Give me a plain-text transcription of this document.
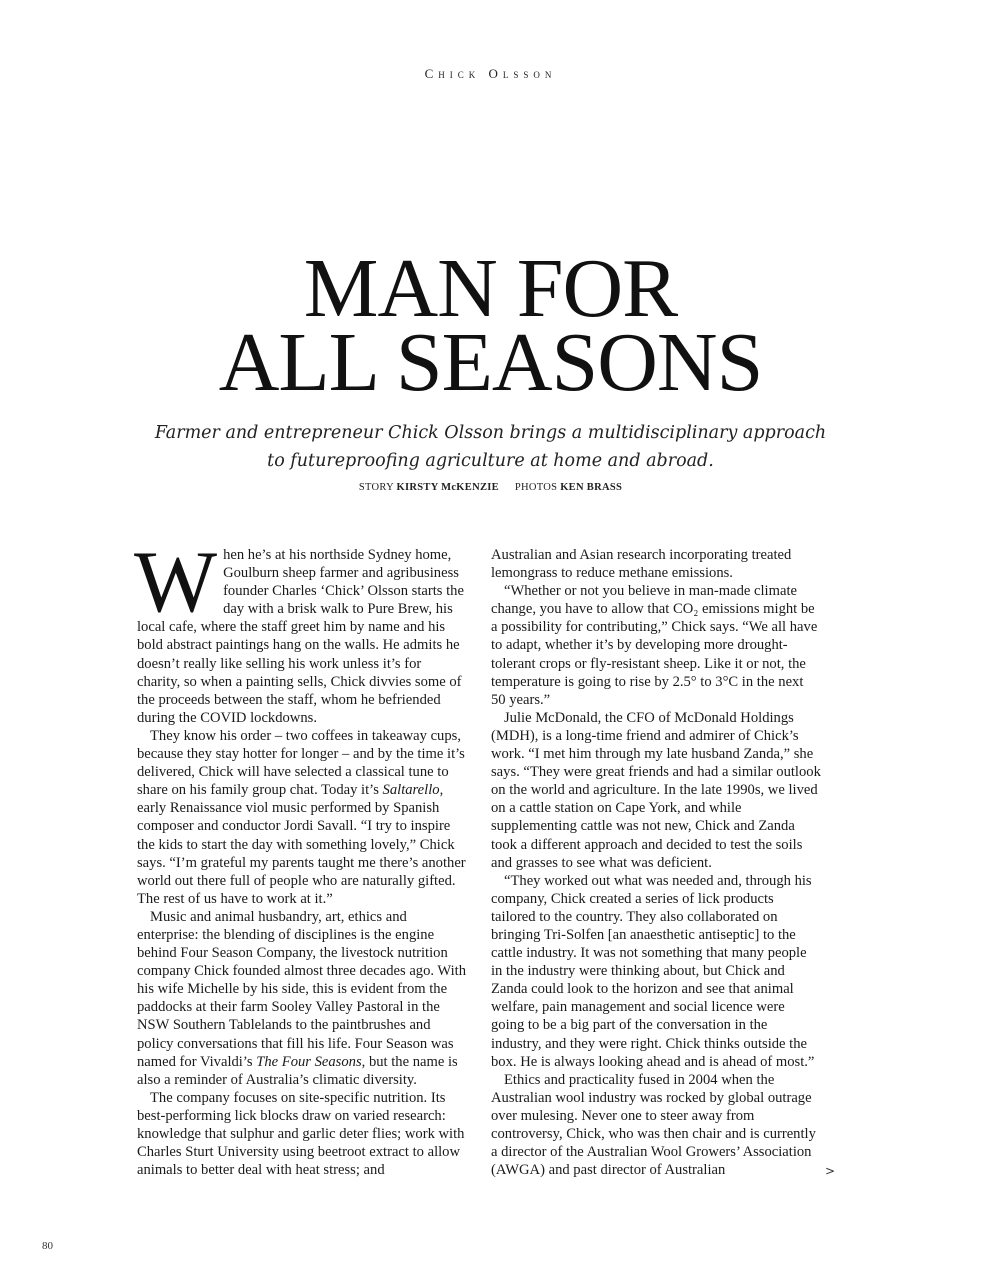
Chick Olsson
MAN FOR
ALL SEASONS

Farmer and entrepreneur Chick Olsson brings a multidisciplinary approach to futureproofing agriculture at home and abroad.

STORY KIRSTY McKENZIE PHOTOS KEN BRASS

When he’s at his northside Sydney home, Goulburn sheep farmer and agribusiness founder Charles ‘Chick’ Olsson starts the day with a brisk walk to Pure Brew, his local cafe, where the staff greet him by name and his bold abstract paintings hang on the walls. He admits he doesn’t really like selling his work unless it’s for charity, so when a painting sells, Chick divvies some of the proceeds between the staff, whom he befriended during the COVID lockdowns.

They know his order – two coffees in takeaway cups, because they stay hotter for longer – and by the time it’s delivered, Chick will have selected a classical tune to share on his family group chat. Today it’s Saltarello, early Renaissance viol music performed by Spanish composer and conductor Jordi Savall. “I try to inspire the kids to start the day with something lovely,” Chick says. “I’m grateful my parents taught me there’s another world out there full of people who are naturally gifted. The rest of us have to work at it.”

Music and animal husbandry, art, ethics and enterprise: the blending of disciplines is the engine behind Four Season Company, the livestock nutrition company Chick founded almost three decades ago. With his wife Michelle by his side, this is evident from the paddocks at their farm Sooley Valley Pastoral in the NSW Southern Tablelands to the paintbrushes and policy conversations that fill his life. Four Season was named for Vivaldi’s The Four Seasons, but the name is also a reminder of Australia’s climatic diversity.

The company focuses on site-specific nutrition. Its best-performing lick blocks draw on varied research: knowledge that sulphur and garlic deter flies; work with Charles Sturt University using beetroot extract to allow animals to better deal with heat stress; and

Australian and Asian research incorporating treated lemongrass to reduce methane emissions.

“Whether or not you believe in man-made climate change, you have to allow that CO₂ emissions might be a possibility for contributing,” Chick says. “We all have to adapt, whether it’s by developing more drought-tolerant crops or fly-resistant sheep. Like it or not, the temperature is going to rise by 2.5° to 3°C in the next 50 years.”

Julie McDonald, the CFO of McDonald Holdings (MDH), is a long-time friend and admirer of Chick’s work. “I met him through my late husband Zanda,” she says. “They were great friends and had a similar outlook on the world and agriculture. In the late 1990s, we lived on a cattle station on Cape York, and while supplementing cattle was not new, Chick and Zanda took a different approach and decided to test the soils and grasses to see what was deficient.

“They worked out what was needed and, through his company, Chick created a series of lick products tailored to the country. They also collaborated on bringing Tri-Solfen [an anaesthetic antiseptic] to the cattle industry. It was not something that many people in the industry were thinking about, but Chick and Zanda could look to the horizon and see that animal welfare, pain management and social licence were going to be a big part of the conversation in the industry, and they were right. Chick thinks outside the box. He is always looking ahead and is ahead of most.”

Ethics and practicality fused in 2004 when the Australian wool industry was rocked by global outrage over mulesing. Never one to steer away from controversy, Chick, who was then chair and is currently a director of the Australian Wool Growers’ Association (AWGA) and past director of Australian	>
80
